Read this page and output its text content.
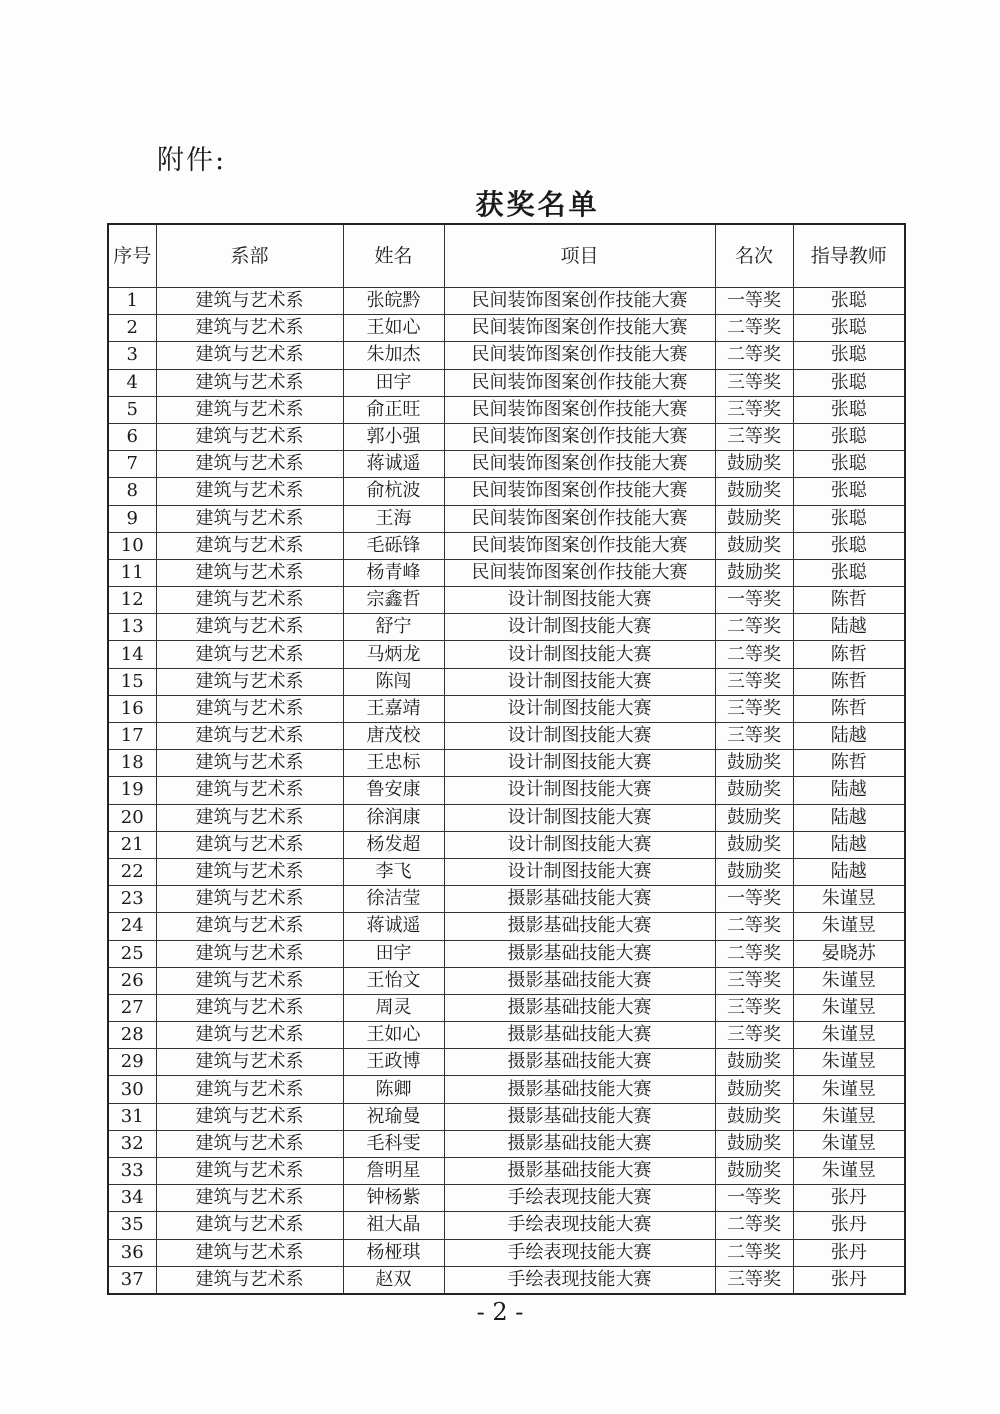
附件:
获奖名单
序号	系部	姓名	项目	名次	指导教师
1	建筑与艺术系	张皖黔	民间装饰图案创作技能大赛	一等奖	张聪
2	建筑与艺术系	王如心	民间装饰图案创作技能大赛	二等奖	张聪
3	建筑与艺术系	朱加杰	民间装饰图案创作技能大赛	二等奖	张聪
4	建筑与艺术系	田宇	民间装饰图案创作技能大赛	三等奖	张聪
5	建筑与艺术系	俞正旺	民间装饰图案创作技能大赛	三等奖	张聪
6	建筑与艺术系	郭小强	民间装饰图案创作技能大赛	三等奖	张聪
7	建筑与艺术系	蒋诚遥	民间装饰图案创作技能大赛	鼓励奖	张聪
8	建筑与艺术系	俞杭波	民间装饰图案创作技能大赛	鼓励奖	张聪
9	建筑与艺术系	王海	民间装饰图案创作技能大赛	鼓励奖	张聪
10	建筑与艺术系	毛砾锋	民间装饰图案创作技能大赛	鼓励奖	张聪
11	建筑与艺术系	杨青峰	民间装饰图案创作技能大赛	鼓励奖	张聪
12	建筑与艺术系	宗鑫哲	设计制图技能大赛	一等奖	陈哲
13	建筑与艺术系	舒宁	设计制图技能大赛	二等奖	陆越
14	建筑与艺术系	马炳龙	设计制图技能大赛	二等奖	陈哲
15	建筑与艺术系	陈闯	设计制图技能大赛	三等奖	陈哲
16	建筑与艺术系	王嘉靖	设计制图技能大赛	三等奖	陈哲
17	建筑与艺术系	唐茂校	设计制图技能大赛	三等奖	陆越
18	建筑与艺术系	王忠标	设计制图技能大赛	鼓励奖	陈哲
19	建筑与艺术系	鲁安康	设计制图技能大赛	鼓励奖	陆越
20	建筑与艺术系	徐润康	设计制图技能大赛	鼓励奖	陆越
21	建筑与艺术系	杨发超	设计制图技能大赛	鼓励奖	陆越
22	建筑与艺术系	李飞	设计制图技能大赛	鼓励奖	陆越
23	建筑与艺术系	徐洁莹	摄影基础技能大赛	一等奖	朱谨昱
24	建筑与艺术系	蒋诚遥	摄影基础技能大赛	二等奖	朱谨昱
25	建筑与艺术系	田宇	摄影基础技能大赛	二等奖	晏晓苏
26	建筑与艺术系	王怡文	摄影基础技能大赛	三等奖	朱谨昱
27	建筑与艺术系	周灵	摄影基础技能大赛	三等奖	朱谨昱
28	建筑与艺术系	王如心	摄影基础技能大赛	三等奖	朱谨昱
29	建筑与艺术系	王政博	摄影基础技能大赛	鼓励奖	朱谨昱
30	建筑与艺术系	陈卿	摄影基础技能大赛	鼓励奖	朱谨昱
31	建筑与艺术系	祝瑜曼	摄影基础技能大赛	鼓励奖	朱谨昱
32	建筑与艺术系	毛科雯	摄影基础技能大赛	鼓励奖	朱谨昱
33	建筑与艺术系	詹明星	摄影基础技能大赛	鼓励奖	朱谨昱
34	建筑与艺术系	钟杨紫	手绘表现技能大赛	一等奖	张丹
35	建筑与艺术系	祖大晶	手绘表现技能大赛	二等奖	张丹
36	建筑与艺术系	杨桠琪	手绘表现技能大赛	二等奖	张丹
37	建筑与艺术系	赵双	手绘表现技能大赛	三等奖	张丹
- 2 -
